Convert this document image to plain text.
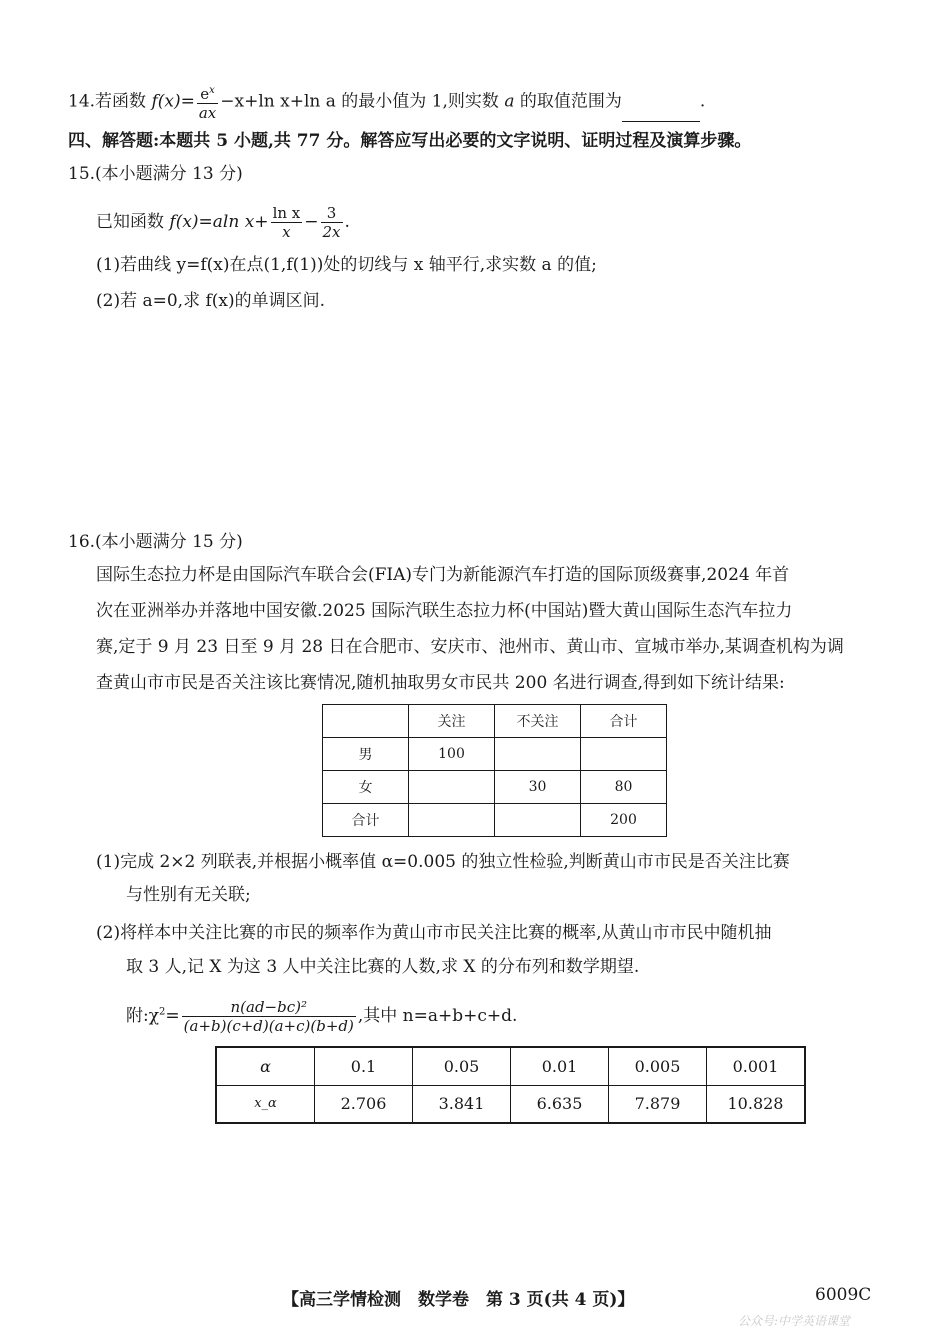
14.若函数 $f(x)= \frac{e^x}{ax} -x+\ln$ x+ln a 的最小值为 1,则实数 a 的取值范围为	.
四、解答题:本题共 5 小题,共 77 分。解答应写出必要的文字说明、证明过程及演算步骤。
15.(本小题满分 13 分)
已知函数 f(x)=aln $x+ \frac{\text{ln x}}{x} - \frac{3}{2x}$ .
(1)若曲线 y=f(x)在点(1,f(1))处的切线与 x 轴平行,求实数 a 的值;
(2)若 a=0,求 f(x)的单调区间.
16.(本小题满分 15 分)
国际生态拉力杯是由国际汽车联合会(FIA)专门为新能源汽车打造的国际顶级赛事,2024 年首
次在亚洲举办并落地中国安徽.2025 国际汽联生态拉力杯(中国站)暨大黄山国际生态汽车拉力
赛,定于 9 月 23 日至 9 月 28 日在合肥市、安庆市、池州市、黄山市、宣城市举办,某调查机构为调
查黄山市市民是否关注该比赛情况,随机抽取男女市民共 200 名进行调查,得到如下统计结果:
	关注	不关注	合计
男	100		
女		30	80
合计			200
(1)完成 2×2 列联表,并根据小概率值 α=0.005 的独立性检验,判断黄山市市民是否关注比赛
与性别有无关联;
(2)将样本中关注比赛的市民的频率作为黄山市市民关注比赛的概率,从黄山市市民中随机抽
取 3 人,记 X 为这 3 人中关注比赛的人数,求 X 的分布列和数学期望.
附$:\chi^2= \frac{\text{n(ad−bc)²}}{(a+b)(c+d)(a+c)(b+d)}$ ,其中 n=a+b+c+d.
α	0.1	0.05	0.01	0.005	0.001
x_α	2.706	3.841	6.635	7.879	10.828
【高三学情检测　数学卷　第 3 页(共 4 页)】	6009C
公众号:中学英语课堂
